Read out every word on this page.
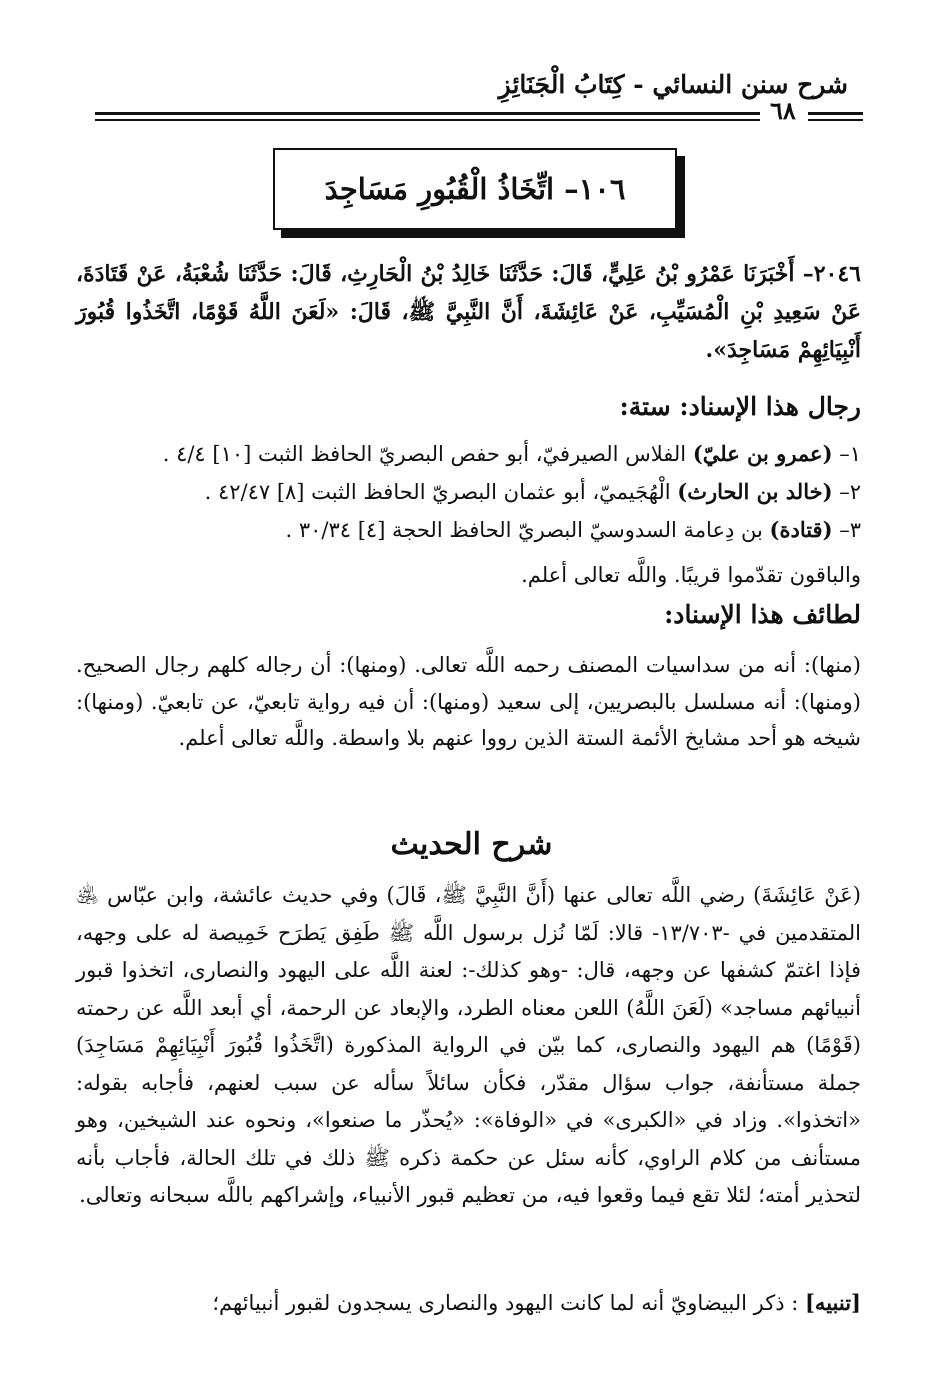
شرح سنن النسائي - كِتَابُ الْجَنَائِزِ
٦٨
١٠٦– اتِّخَاذُ الْقُبُورِ مَسَاجِدَ

٢٠٤٦– أَخْبَرَنَا عَمْرُو بْنُ عَلِيٍّ، قَالَ: حَدَّثَنَا خَالِدُ بْنُ الْحَارِثِ، قَالَ: حَدَّثَنَا شُعْبَةُ، عَنْ قَتَادَةَ، عَنْ سَعِيدِ بْنِ الْمُسَيِّبِ، عَنْ عَائِشَةَ، أَنَّ النَّبِيَّ ﷺ، قَالَ: «لَعَنَ اللَّهُ قَوْمًا، اتَّخَذُوا قُبُورَ أَنْبِيَائِهِمْ مَسَاجِدَ».

رجال هذا الإسناد: ستة:
١– (عمرو بن عليّ) الفلاس الصيرفيّ، أبو حفص البصريّ الحافظ الثبت [١٠] ٤/٤ .
٢– (خالد بن الحارث) الْهُجَيميّ، أبو عثمان البصريّ الحافظ الثبت [٨] ٤٢/٤٧ .
٣– (قتادة) بن دِعامة السدوسيّ البصريّ الحافظ الحجة [٤] ٣٠/٣٤ .
والباقون تقدّموا قريبًا. واللَّه تعالى أعلم.
لطائف هذا الإسناد:

(منها): أنه من سداسيات المصنف رحمه اللَّه تعالى. (ومنها): أن رجاله كلهم رجال الصحيح. (ومنها): أنه مسلسل بالبصريين، إلى سعيد (ومنها): أن فيه رواية تابعيّ، عن تابعيّ. (ومنها): شيخه هو أحد مشايخ الأئمة الستة الذين رووا عنهم بلا واسطة. واللَّه تعالى أعلم.

شرح الحديث

(عَنْ عَائِشَةَ) رضي اللَّه تعالى عنها (أَنَّ النَّبِيَّ ﷺ، قَالَ) وفي حديث عائشة، وابن عبّاس ﵁ المتقدمين في -١٣/٧٠٣- قالا: لَمّا نُزل برسول اللَّه ﷺ طَفِق يَطرَح خَمِيصة له على وجهه، فإذا اغتمّ كشفها عن وجهه، قال: -وهو كذلك-: لعنة اللَّه على اليهود والنصارى، اتخذوا قبور أنبيائهم مساجد» (لَعَنَ اللَّهُ) اللعن معناه الطرد، والإبعاد عن الرحمة، أي أبعد اللَّه عن رحمته (قَوْمًا) هم اليهود والنصارى، كما بيّن في الرواية المذكورة (اتَّخَذُوا قُبُورَ أَنْبِيَائِهِمْ مَسَاجِدَ) جملة مستأنفة، جواب سؤال مقدّر، فكأن سائلاً سأله عن سبب لعنهم، فأجابه بقوله: «اتخذوا». وزاد في «الكبرى» في «الوفاة»: «يُحذّر ما صنعوا»، ونحوه عند الشيخين، وهو مستأنف من كلام الراوي، كأنه سئل عن حكمة ذكره ﷺ ذلك في تلك الحالة، فأجاب بأنه لتحذير أمته؛ لئلا تقع فيما وقعوا فيه، من تعظيم قبور الأنبياء، وإشراكهم باللَّه سبحانه وتعالى.

[تنبيه] : ذكر البيضاويّ أنه لما كانت اليهود والنصارى يسجدون لقبور أنبيائهم؛
